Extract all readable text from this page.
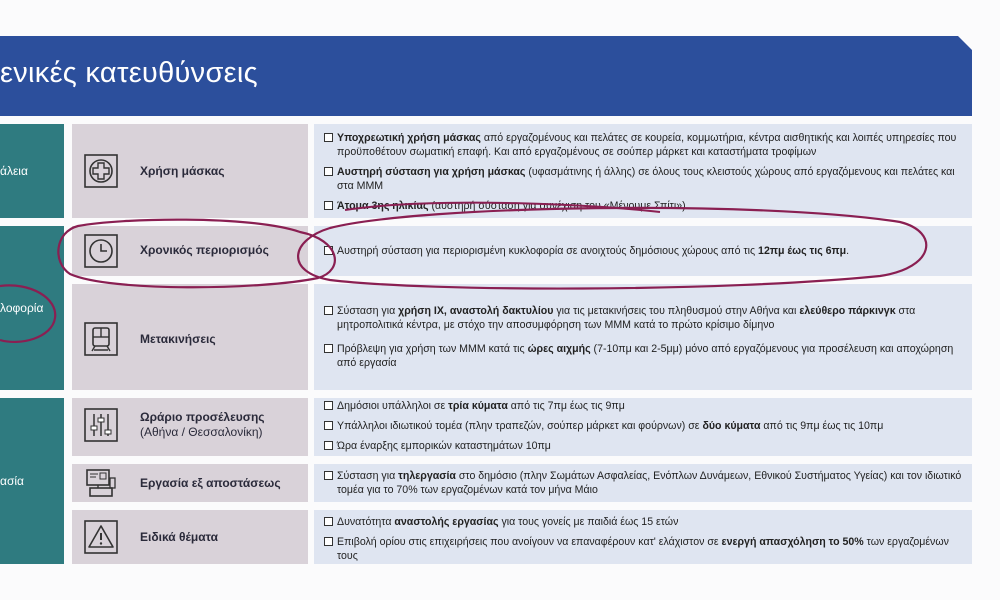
ενικές κατευθύνσεις
άλεια
λοφορία
ασία
Χρήση μάσκας
Υποχρεωτική χρήση μάσκας από εργαζομένους και πελάτες σε κουρεία, κομμωτήρια, κέντρα αισθητικής και λοιπές υπηρεσίες που προϋποθέτουν σωματική επαφή. Και από εργαζομένους σε σούπερ μάρκετ και καταστήματα τροφίμων
Αυστηρή σύσταση για χρήση μάσκας (υφασμάτινης ή άλλης) σε όλους τους κλειστούς χώρους από εργαζόμενους και πελάτες και στα ΜΜΜ
Άτομα 3ης ηλικίας (αυστηρή σύσταση για συνέχιση του «Μένουμε Σπίτι»)
Χρονικός περιορισμός	Αυστηρή σύσταση για περιορισμένη κυκλοφορία σε ανοιχτούς δημόσιους χώρους από τις 12πμ έως τις 6πμ.
Μετακινήσεις
Σύσταση για χρήση ΙΧ, αναστολή δακτυλίου για τις μετακινήσεις του πληθυσμού στην Αθήνα και ελεύθερο πάρκινγκ στα μητροπολιτικά κέντρα, με στόχο την αποσυμφόρηση των ΜΜΜ κατά το πρώτο κρίσιμο δίμηνο
Πρόβλεψη για χρήση των ΜΜΜ κατά τις ώρες αιχμής (7-10πμ και 2-5μμ) μόνο από εργαζόμενους για προσέλευση και αποχώρηση από εργασία
Ωράριο προσέλευσης
(Αθήνα / Θεσσαλονίκη)
Δημόσιοι υπάλληλοι σε τρία κύματα από τις 7πμ έως τις 9πμ
Υπάλληλοι ιδιωτικού τομέα (πλην τραπεζών, σούπερ μάρκετ και φούρνων) σε δύο κύματα από τις 9πμ έως τις 10πμ
Ώρα έναρξης εμπορικών καταστημάτων 10πμ
Εργασία εξ αποστάσεως	Σύσταση για τηλεργασία στο δημόσιο (πλην Σωμάτων Ασφαλείας, Ενόπλων Δυνάμεων, Εθνικού Συστήματος Υγείας) και τον ιδιωτικό τομέα για το 70% των εργαζομένων κατά τον μήνα Μάιο
Ειδικά θέματα
Δυνατότητα αναστολής εργασίας για τους γονείς με παιδιά έως 15 ετών
Επιβολή ορίου στις επιχειρήσεις που ανοίγουν να επαναφέρουν κατ' ελάχιστον σε ενεργή απασχόληση το 50% των εργαζομένων τους
